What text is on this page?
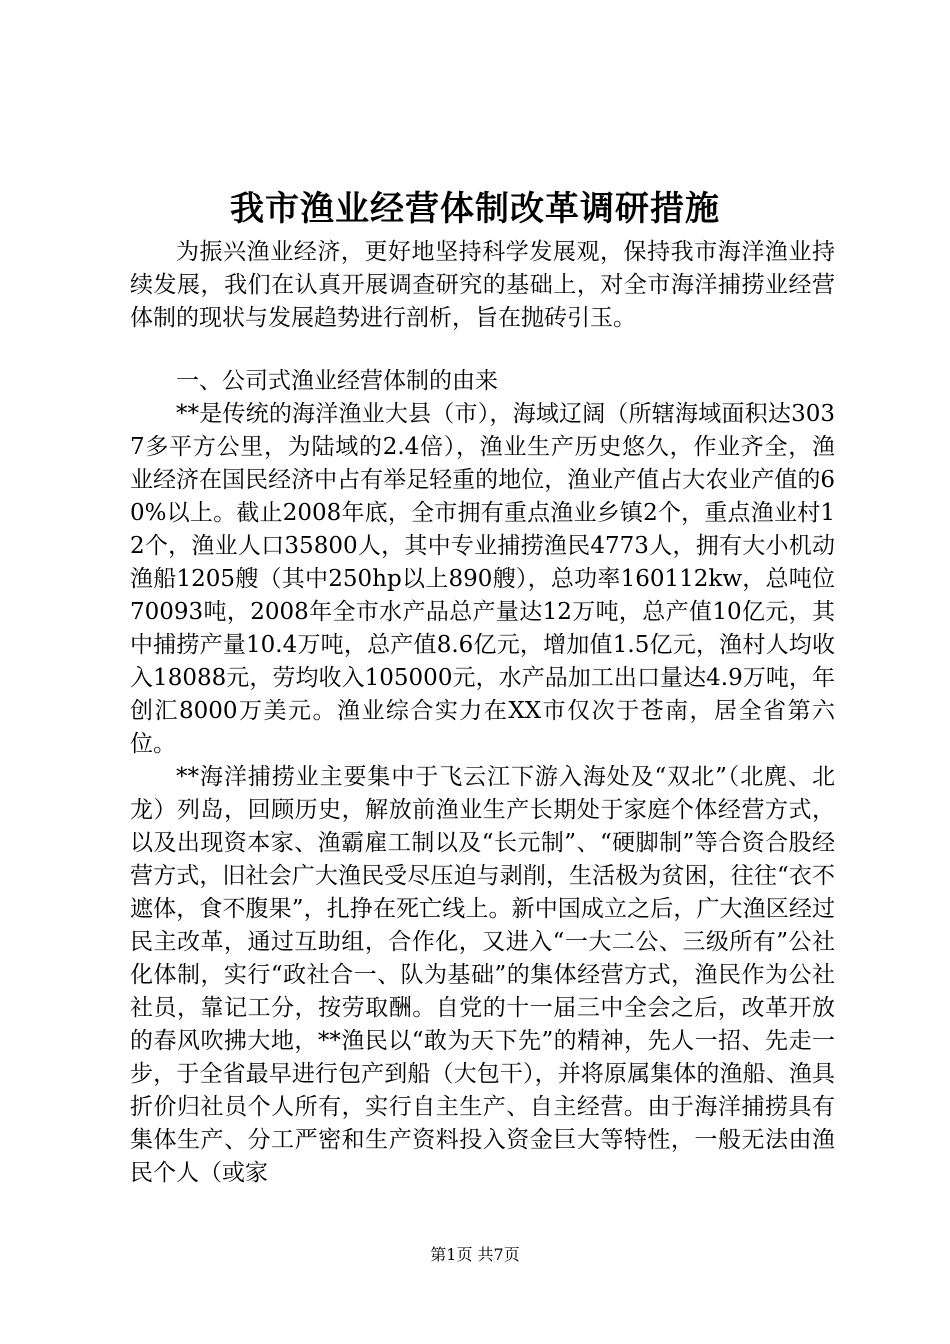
我市渔业经营体制改革调研措施

为振兴渔业经济，更好地坚持科学发展观，保持我市海洋渔业持续发展，我们在认真开展调查研究的基础上，对全市海洋捕捞业经营体制的现状与发展趋势进行剖析，旨在抛砖引玉。

一、公司式渔业经营体制的由来

**是传统的海洋渔业大县（市），海域辽阔（所辖海域面积达3037多平方公里，为陆域的2.4倍），渔业生产历史悠久，作业齐全，渔业经济在国民经济中占有举足轻重的地位，渔业产值占大农业产值的60%以上。截止2008年底，全市拥有重点渔业乡镇2个，重点渔业村12个，渔业人口35800人，其中专业捕捞渔民4773人，拥有大小机动渔船1205艘（其中250hp以上890艘），总功率160112kw，总吨位70093吨，2008年全市水产品总产量达12万吨，总产值10亿元，其中捕捞产量10.4万吨，总产值8.6亿元，增加值1.5亿元，渔村人均收入18088元，劳均收入105000元，水产品加工出口量达4.9万吨，年创汇8000万美元。渔业综合实力在XX市仅次于苍南，居全省第六位。

**海洋捕捞业主要集中于飞云江下游入海处及“双北”（北麂、北龙）列岛，回顾历史，解放前渔业生产长期处于家庭个体经营方式，以及出现资本家、渔霸雇工制以及“长元制”、“硬脚制”等合资合股经营方式，旧社会广大渔民受尽压迫与剥削，生活极为贫困，往往“衣不遮体，食不腹果”，扎挣在死亡线上。新中国成立之后，广大渔区经过民主改革，通过互助组，合作化，又进入“一大二公、三级所有”公社化体制，实行“政社合一、队为基础”的集体经营方式，渔民作为公社社员，靠记工分，按劳取酬。自党的十一届三中全会之后，改革开放的春风吹拂大地，**渔民以“敢为天下先”的精神，先人一招、先走一步，于全省最早进行包产到船（大包干），并将原属集体的渔船、渔具折价归社员个人所有，实行自主生产、自主经营。由于海洋捕捞具有集体生产、分工严密和生产资料投入资金巨大等特性，一般无法由渔民个人（或家

第1页 共7页
